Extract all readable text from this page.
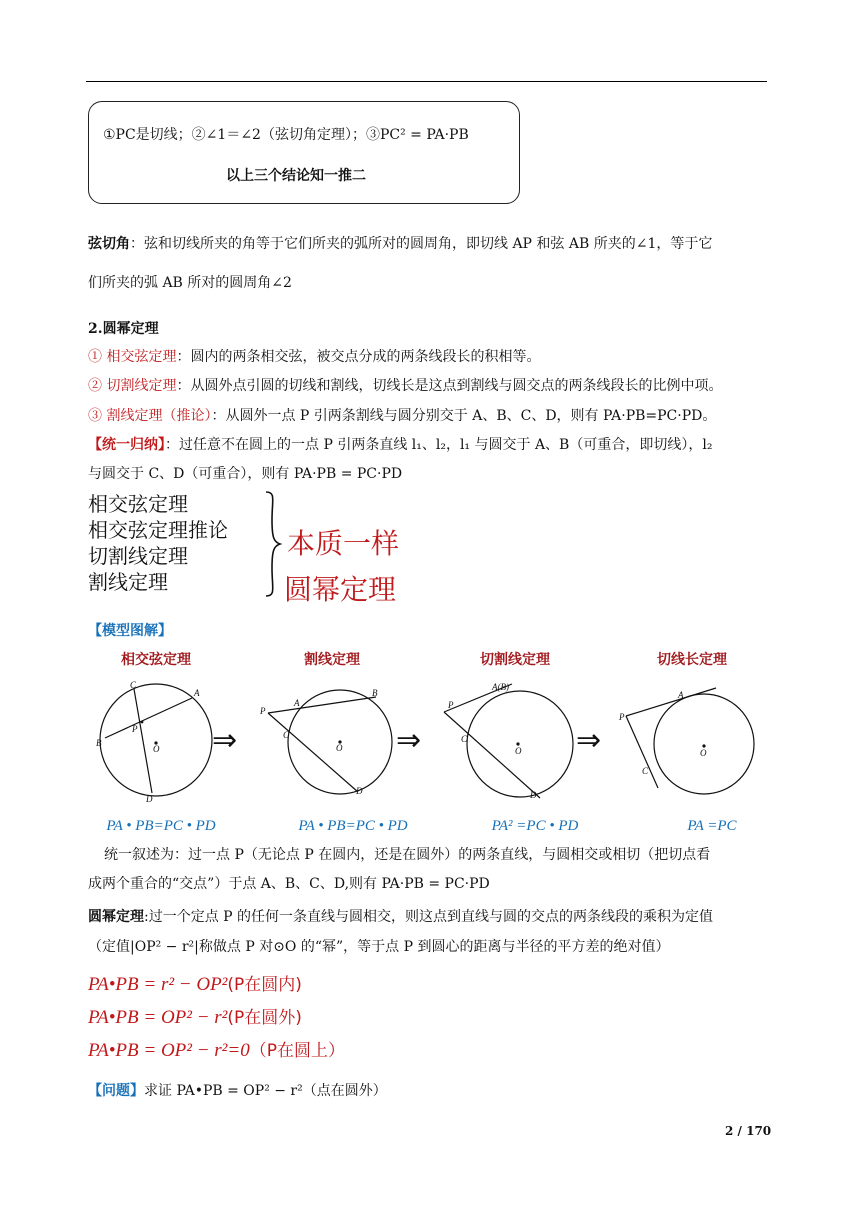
①PC是切线；②∠1＝∠2（弦切角定理）；③PC² = PA·PB
以上三个结论知一推二
弦切角：弦和切线所夹的角等于它们所夹的弧所对的圆周角，即切线 AP 和弦 AB 所夹的∠1，等于它
们所夹的弧 AB 所对的圆周角∠2
2.圆幂定理
① 相交弦定理：圆内的两条相交弦，被交点分成的两条线段长的积相等。
② 切割线定理：从圆外点引圆的切线和割线，切线长是这点到割线与圆交点的两条线段长的比例中项。
③ 割线定理（推论）：从圆外一点 P 引两条割线与圆分别交于 A、B、C、D，则有 PA·PB=PC·PD。
【统一归纳】：过任意不在圆上的一点 P 引两条直线 l₁、l₂，l₁ 与圆交于 A、B（可重合，即切线），l₂
与圆交于 C、D（可重合），则有 PA·PB = PC·PD
相交弦定理
相交弦定理推论
切割线定理
割线定理
本质一样
圆幂定理
【模型图解】
相交弦定理	割线定理	切割线定理	切线长定理
C
A
B
P
O
D
⇒
P
A
B
C
O
D
⇒
P
A(B)
C
O
D
⇒
P
A
C
O
PA • PB=PC • PD	PA • PB=PC • PD	PA² =PC • PD	PA =PC
统一叙述为：过一点 P（无论点 P 在圆内，还是在圆外）的两条直线，与圆相交或相切（把切点看
成两个重合的“交点”）于点 A、B、C、D,则有 PA·PB = PC·PD
圆幂定理:过一个定点 P 的任何一条直线与圆相交，则这点到直线与圆的交点的两条线段的乘积为定值
（定值|OP² − r²|称做点 P 对⊙O 的“幂”，等于点 P 到圆心的距离与半径的平方差的绝对值）
PA•PB = r² − OP²(P在圆内)
PA•PB = OP² − r²(P在圆外)
PA•PB = OP² − r²=0（P在圆上）
【问题】求证 PA•PB = OP² − r²（点在圆外）
2 / 170
